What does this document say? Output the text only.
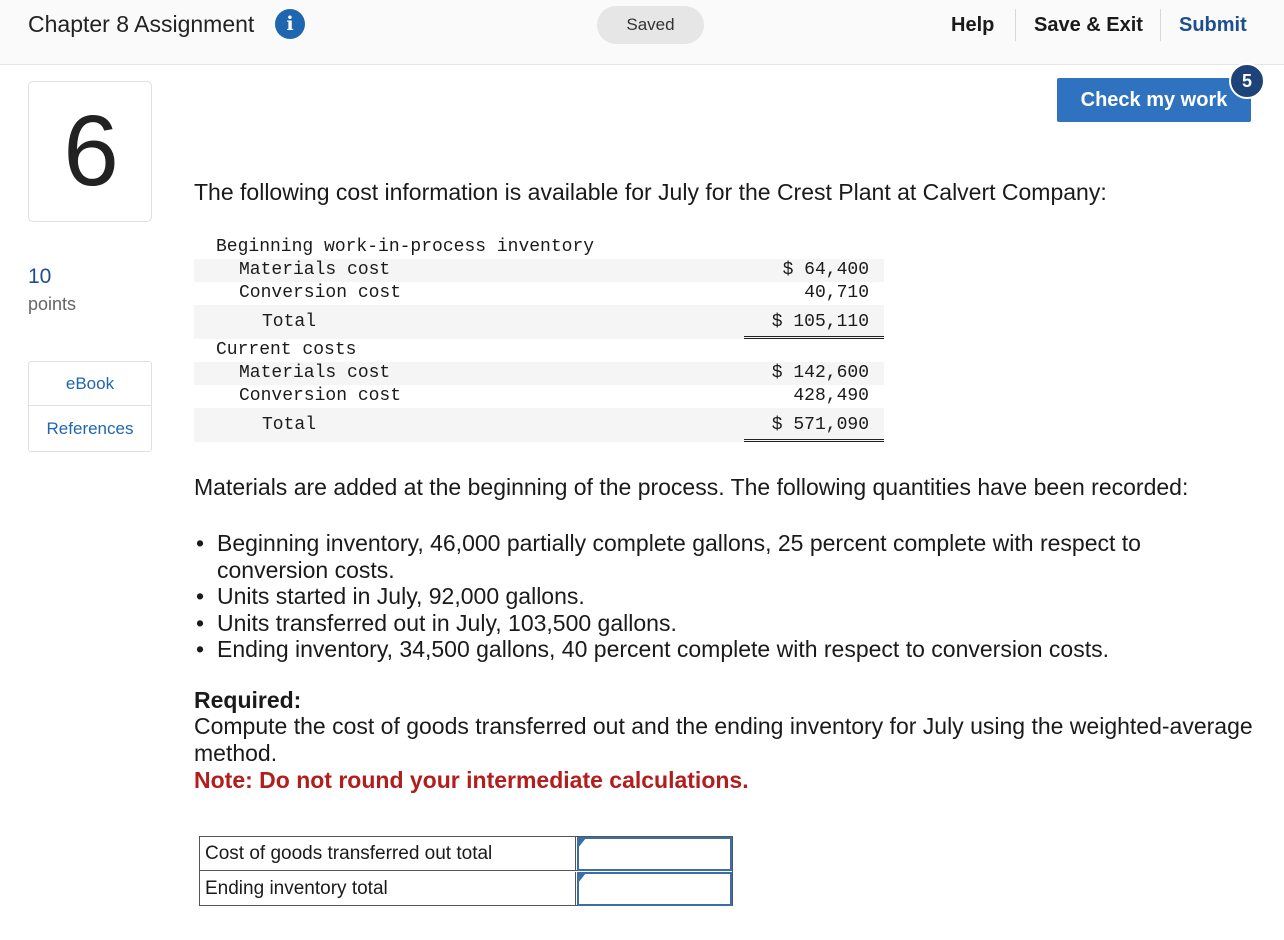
Chapter 8 Assignment	i	Saved	Help Save & Exit Submit
6
10
points
eBook
References
Check my work
5
The following cost information is available for July for the Crest Plant at Calvert Company:
Beginning work-in-process inventory
Materials cost	$ 64,400
Conversion cost	40,710
Total	$ 105,110
Current costs
Materials cost	$ 142,600
Conversion cost	428,490
Total	$ 571,090
Materials are added at the beginning of the process. The following quantities have been recorded:
• Beginning inventory, 46,000 partially complete gallons, 25 percent complete with respect to conversion costs.
• Units started in July, 92,000 gallons.
• Units transferred out in July, 103,500 gallons.
• Ending inventory, 34,500 gallons, 40 percent complete with respect to conversion costs.
Required:
Compute the cost of goods transferred out and the ending inventory for July using the weighted-average method.
Note: Do not round your intermediate calculations.
Cost of goods transferred out total
Ending inventory total
